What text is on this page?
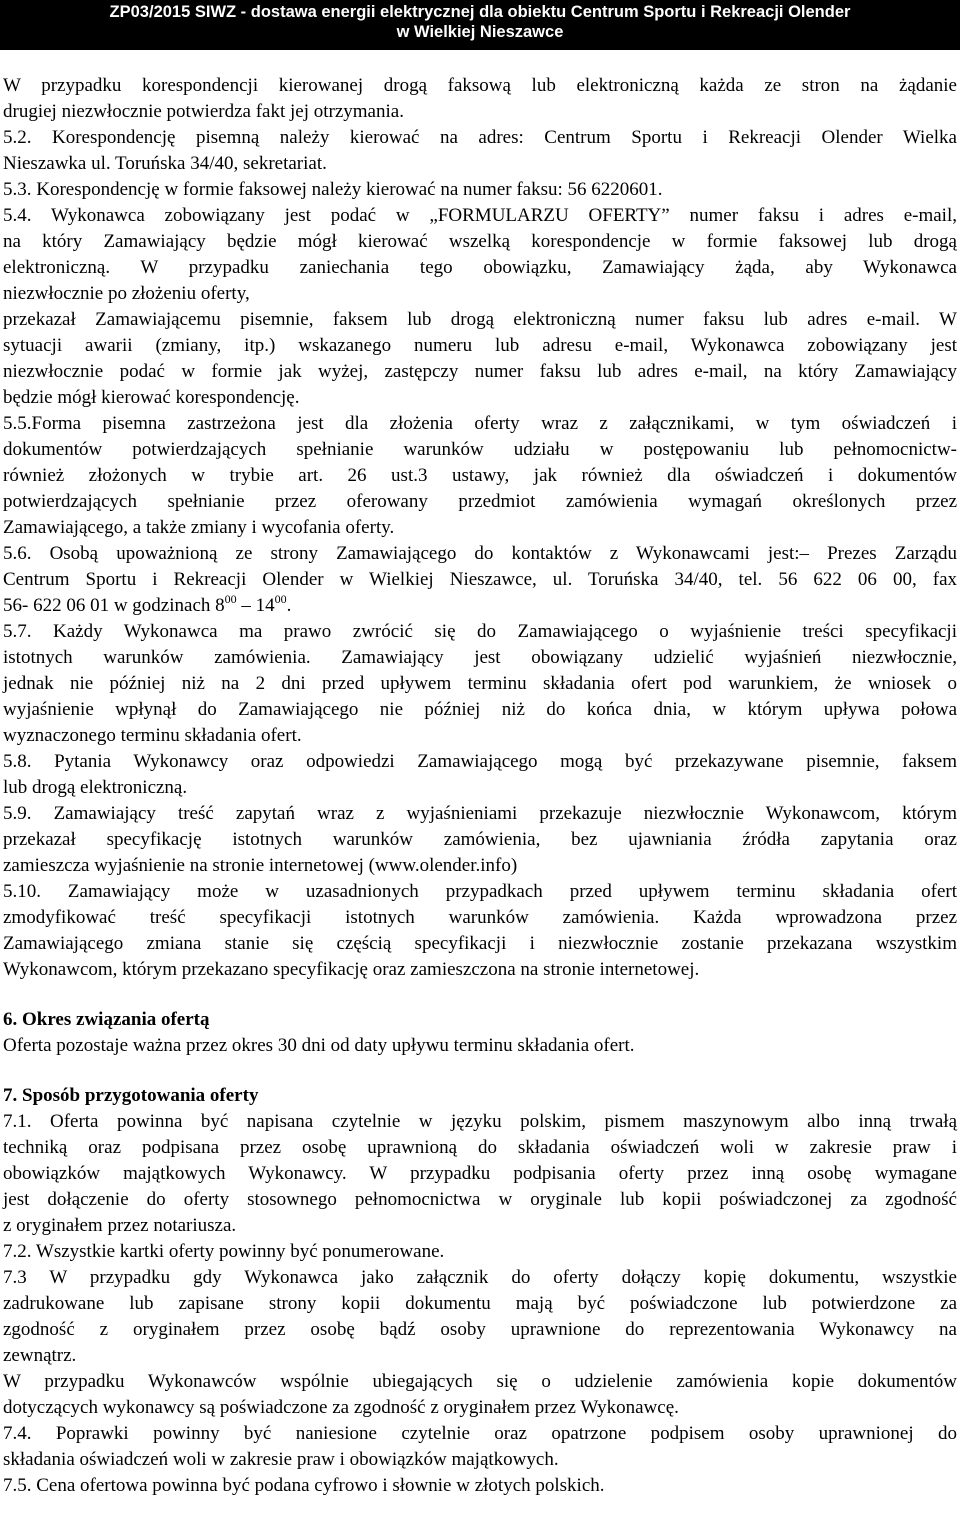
ZP03/2015 SIWZ - dostawa energii elektrycznej dla obiektu Centrum Sportu i Rekreacji Olender
w Wielkiej Nieszawce
W przypadku korespondencji kierowanej drogą faksową lub elektroniczną każda ze stron na żądanie
drugiej niezwłocznie potwierdza fakt jej otrzymania.
5.2. Korespondencję pisemną należy kierować na adres: Centrum Sportu i Rekreacji Olender Wielka
Nieszawka ul. Toruńska 34/40, sekretariat.
5.3. Korespondencję w formie faksowej należy kierować na numer faksu: 56 6220601.
5.4. Wykonawca zobowiązany jest podać w „FORMULARZU OFERTY” numer faksu i adres e-mail,
na który Zamawiający będzie mógł kierować wszelką korespondencje w formie faksowej lub drogą
elektroniczną. W przypadku zaniechania tego obowiązku, Zamawiający żąda, aby Wykonawca
niezwłocznie po złożeniu oferty,
przekazał Zamawiającemu pisemnie, faksem lub drogą elektroniczną numer faksu lub adres e-mail. W
sytuacji awarii (zmiany, itp.) wskazanego numeru lub adresu e-mail, Wykonawca zobowiązany jest
niezwłocznie podać w formie jak wyżej, zastępczy numer faksu lub adres e-mail, na który Zamawiający
będzie mógł kierować korespondencję.
5.5.Forma pisemna zastrzeżona jest dla złożenia oferty wraz z załącznikami, w tym oświadczeń i
dokumentów potwierdzających spełnianie warunków udziału w postępowaniu lub pełnomocnictw-
również złożonych w trybie art. 26 ust.3 ustawy, jak również dla oświadczeń i dokumentów
potwierdzających spełnianie przez oferowany przedmiot zamówienia wymagań określonych przez
Zamawiającego, a także zmiany i wycofania oferty.
5.6. Osobą upoważnioną ze strony Zamawiającego do kontaktów z Wykonawcami jest:– Prezes Zarządu
Centrum Sportu i Rekreacji Olender w Wielkiej Nieszawce, ul. Toruńska 34/40, tel. 56 622 06 00, fax
56- 622 06 01 w godzinach $8^{00} - 14^{00}$.
5.7. Każdy Wykonawca ma prawo zwrócić się do Zamawiającego o wyjaśnienie treści specyfikacji
istotnych warunków zamówienia. Zamawiający jest obowiązany udzielić wyjaśnień niezwłocznie,
jednak nie później niż na 2 dni przed upływem terminu składania ofert pod warunkiem, że wniosek o
wyjaśnienie wpłynął do Zamawiającego nie później niż do końca dnia, w którym upływa połowa
wyznaczonego terminu składania ofert.
5.8. Pytania Wykonawcy oraz odpowiedzi Zamawiającego mogą być przekazywane pisemnie, faksem
lub drogą elektroniczną.
5.9. Zamawiający treść zapytań wraz z wyjaśnieniami przekazuje niezwłocznie Wykonawcom, którym
przekazał specyfikację istotnych warunków zamówienia, bez ujawniania źródła zapytania oraz
zamieszcza wyjaśnienie na stronie internetowej (www.olender.info)
5.10. Zamawiający może w uzasadnionych przypadkach przed upływem terminu składania ofert
zmodyfikować treść specyfikacji istotnych warunków zamówienia. Każda wprowadzona przez
Zamawiającego zmiana stanie się częścią specyfikacji i niezwłocznie zostanie przekazana wszystkim
Wykonawcom, którym przekazano specyfikację oraz zamieszczona na stronie internetowej.
6. Okres związania ofertą
Oferta pozostaje ważna przez okres 30 dni od daty upływu terminu składania ofert.
7. Sposób przygotowania oferty
7.1. Oferta powinna być napisana czytelnie w języku polskim, pismem maszynowym albo inną trwałą
techniką oraz podpisana przez osobę uprawnioną do składania oświadczeń woli w zakresie praw i
obowiązków majątkowych Wykonawcy. W przypadku podpisania oferty przez inną osobę wymagane
jest dołączenie do oferty stosownego pełnomocnictwa w oryginale lub kopii poświadczonej za zgodność
z oryginałem przez notariusza.
7.2. Wszystkie kartki oferty powinny być ponumerowane.
7.3 W przypadku gdy Wykonawca jako załącznik do oferty dołączy kopię dokumentu, wszystkie
zadrukowane lub zapisane strony kopii dokumentu mają być poświadczone lub potwierdzone za
zgodność z oryginałem przez osobę bądź osoby uprawnione do reprezentowania Wykonawcy na
zewnątrz.
W przypadku Wykonawców wspólnie ubiegających się o udzielenie zamówienia kopie dokumentów
dotyczących wykonawcy są poświadczone za zgodność z oryginałem przez Wykonawcę.
7.4. Poprawki powinny być naniesione czytelnie oraz opatrzone podpisem osoby uprawnionej do
składania oświadczeń woli w zakresie praw i obowiązków majątkowych.
7.5. Cena ofertowa powinna być podana cyfrowo i słownie w złotych polskich.
